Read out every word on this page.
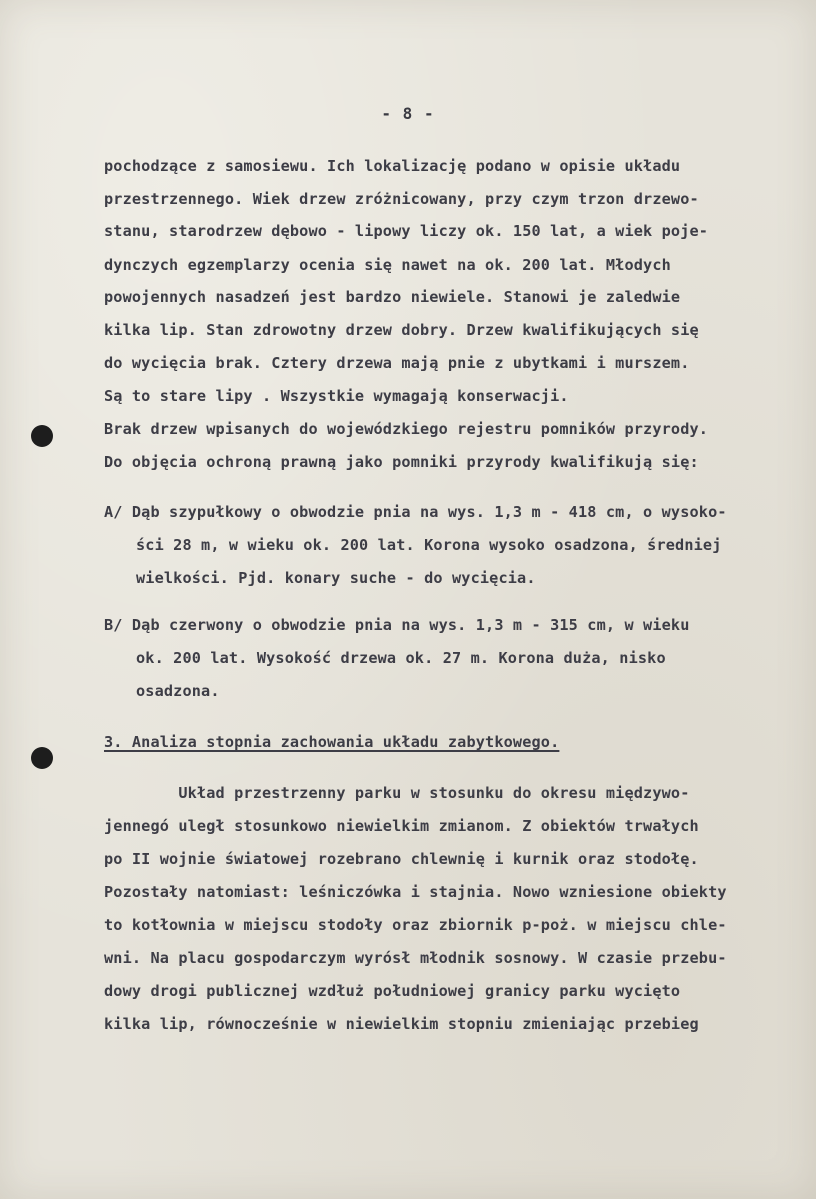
- 8 -
pochodzące z samosiewu. Ich lokalizację podano w opisie układu
przestrzennego. Wiek drzew zróżnicowany, przy czym trzon drzewo-
stanu, starodrzew dębowo - lipowy liczy ok. 150 lat, a wiek poje-
dynczych egzemplarzy ocenia się nawet na ok. 200 lat. Młodych
powojennych nasadzeń jest bardzo niewiele. Stanowi je zaledwie
kilka lip. Stan zdrowotny drzew dobry. Drzew kwalifikujących się
do wycięcia brak. Cztery drzewa mają pnie z ubytkami i murszem.
Są to stare lipy . Wszystkie wymagają konserwacji.
Brak drzew wpisanych do wojewódzkiego rejestru pomników przyrody.
Do objęcia ochroną prawną jako pomniki przyrody kwalifikują się:
A/ Dąb szypułkowy o obwodzie pnia na wys. 1,3 m - 418 cm, o wysoko-
ści 28 m, w wieku ok. 200 lat. Korona wysoko osadzona, średniej
wielkości. Pjd. konary suche - do wycięcia.
B/ Dąb czerwony o obwodzie pnia na wys. 1,3 m - 315 cm, w wieku
ok. 200 lat. Wysokość drzewa ok. 27 m. Korona duża, nisko
osadzona.
3. Analiza stopnia zachowania układu zabytkowego.
Układ przestrzenny parku w stosunku do okresu międzywo-
jennegó uległ stosunkowo niewielkim zmianom. Z obiektów trwałych
po II wojnie światowej rozebrano chlewnię i kurnik oraz stodołę.
Pozostały natomiast: leśniczówka i stajnia. Nowo wzniesione obiekty
to kotłownia w miejscu stodoły oraz zbiornik p-poż. w miejscu chle-
wni. Na placu gospodarczym wyrósł młodnik sosnowy. W czasie przebu-
dowy drogi publicznej wzdłuż południowej granicy parku wycięto
kilka lip, równocześnie w niewielkim stopniu zmieniając przebieg
